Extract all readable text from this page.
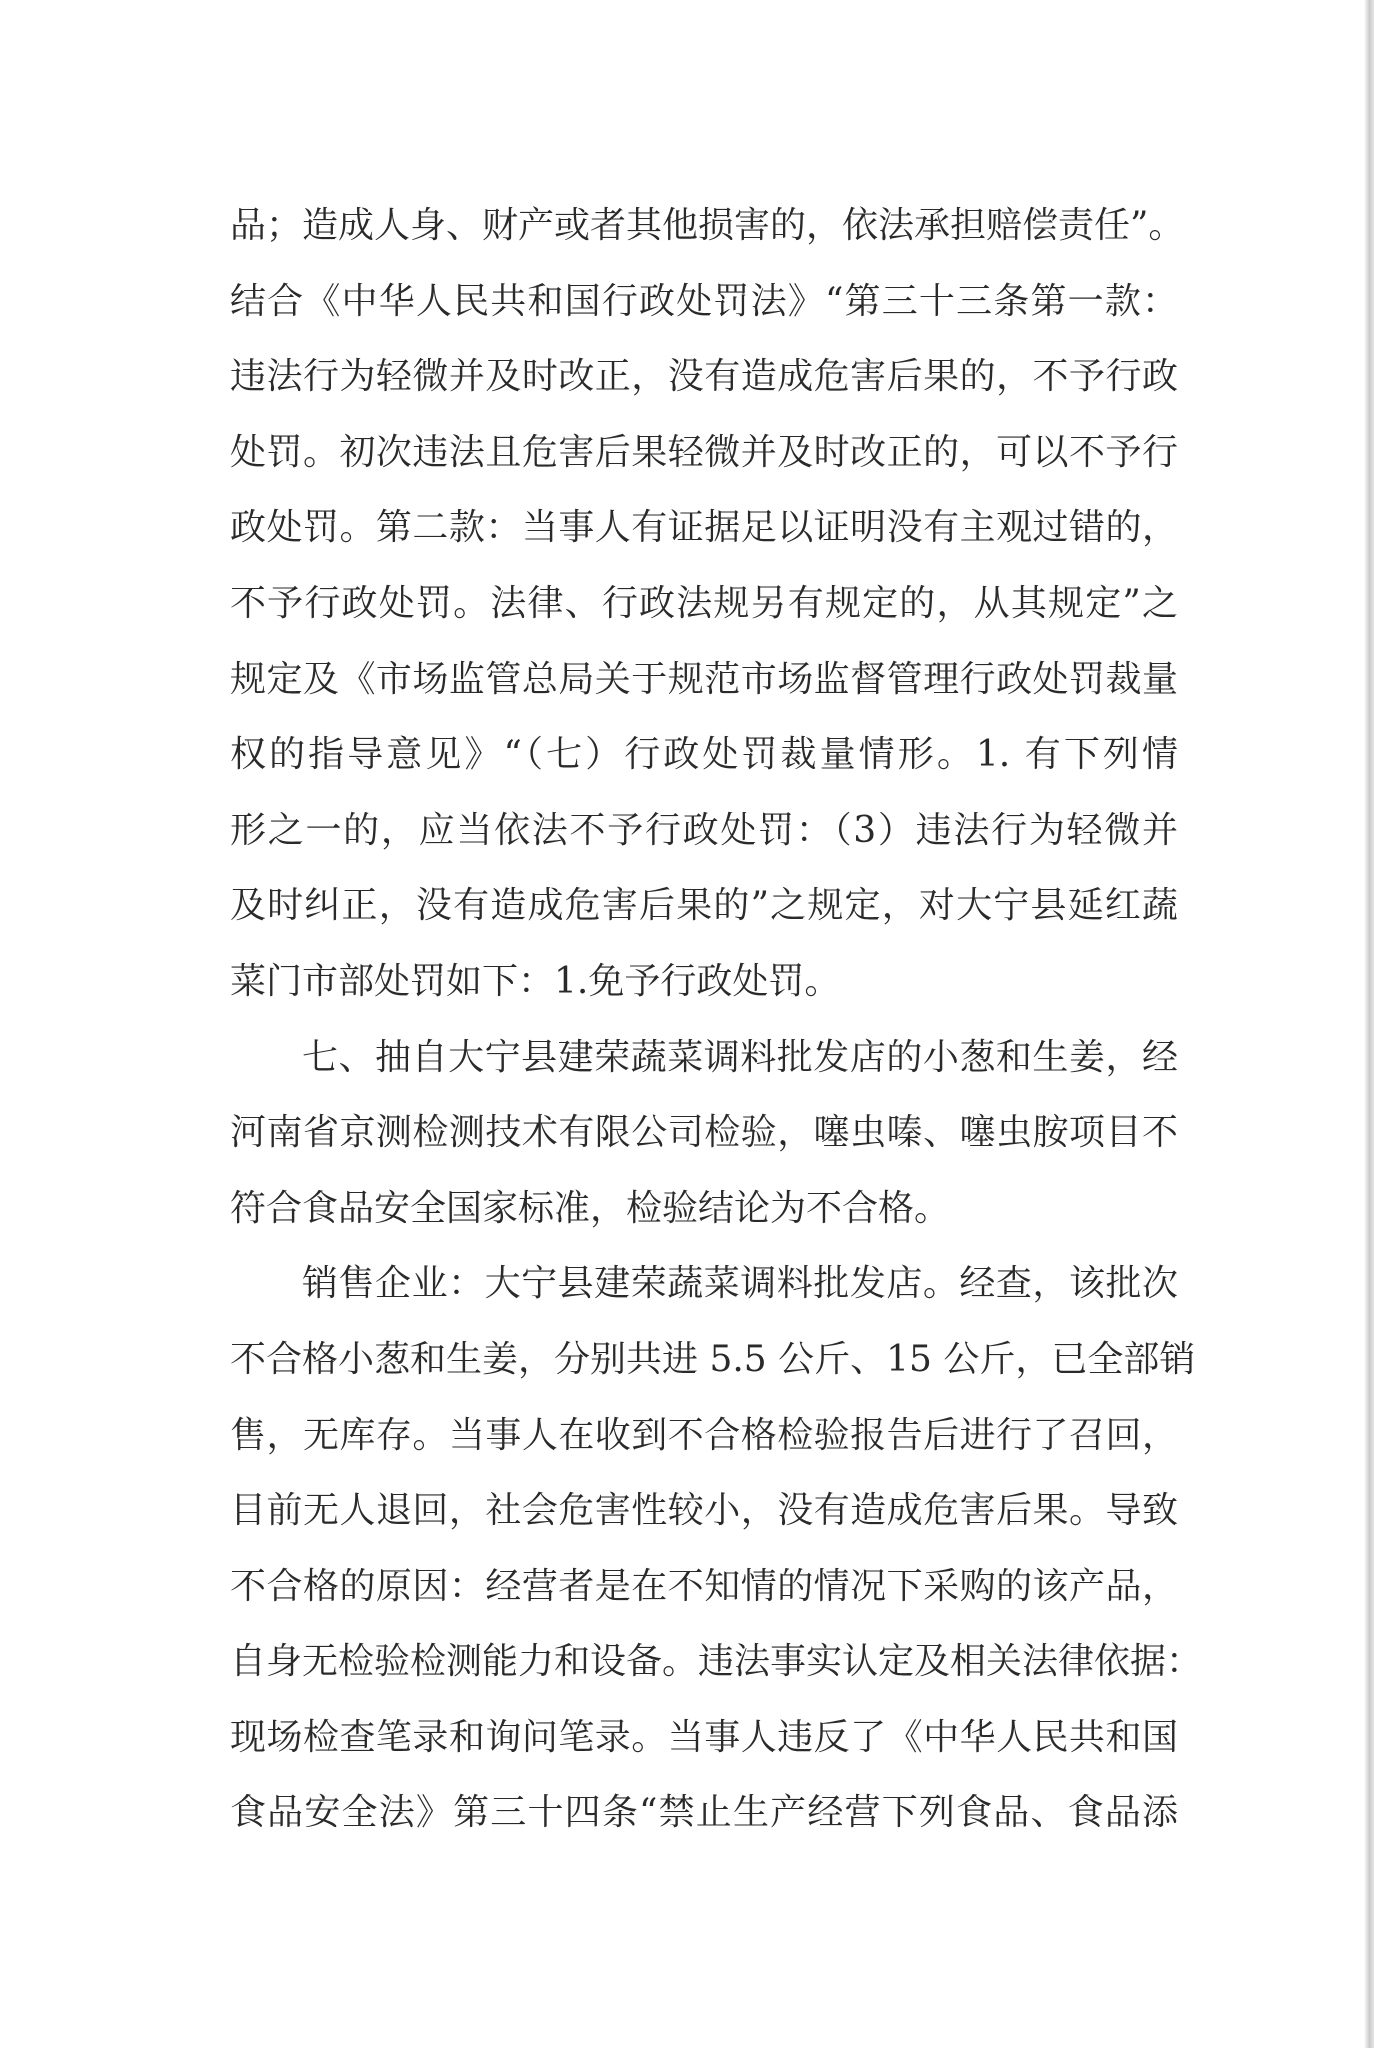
品；造成人身、财产或者其他损害的，依法承担赔偿责任”。
结合《中华人民共和国行政处罚法》“第三十三条第一款：
违法行为轻微并及时改正，没有造成危害后果的，不予行政
处罚。初次违法且危害后果轻微并及时改正的，可以不予行
政处罚。第二款：当事人有证据足以证明没有主观过错的，
不予行政处罚。法律、行政法规另有规定的，从其规定”之
规定及《市场监管总局关于规范市场监督管理行政处罚裁量
权的指导意见》“（七）行政处罚裁量情形。1. 有下列情
形之一的，应当依法不予行政处罚：（3）违法行为轻微并
及时纠正，没有造成危害后果的”之规定，对大宁县延红蔬
菜门市部处罚如下：1.免予行政处罚。
七、抽自大宁县建荣蔬菜调料批发店的小葱和生姜，经
河南省京测检测技术有限公司检验，噻虫嗪、噻虫胺项目不
符合食品安全国家标准，检验结论为不合格。
销售企业：大宁县建荣蔬菜调料批发店。经查，该批次
不合格小葱和生姜，分别共进 5.5 公斤、15 公斤，已全部销
售，无库存。当事人在收到不合格检验报告后进行了召回，
目前无人退回，社会危害性较小，没有造成危害后果。导致
不合格的原因：经营者是在不知情的情况下采购的该产品，
自身无检验检测能力和设备。违法事实认定及相关法律依据：
现场检查笔录和询问笔录。当事人违反了《中华人民共和国
食品安全法》第三十四条“禁止生产经营下列食品、食品添
